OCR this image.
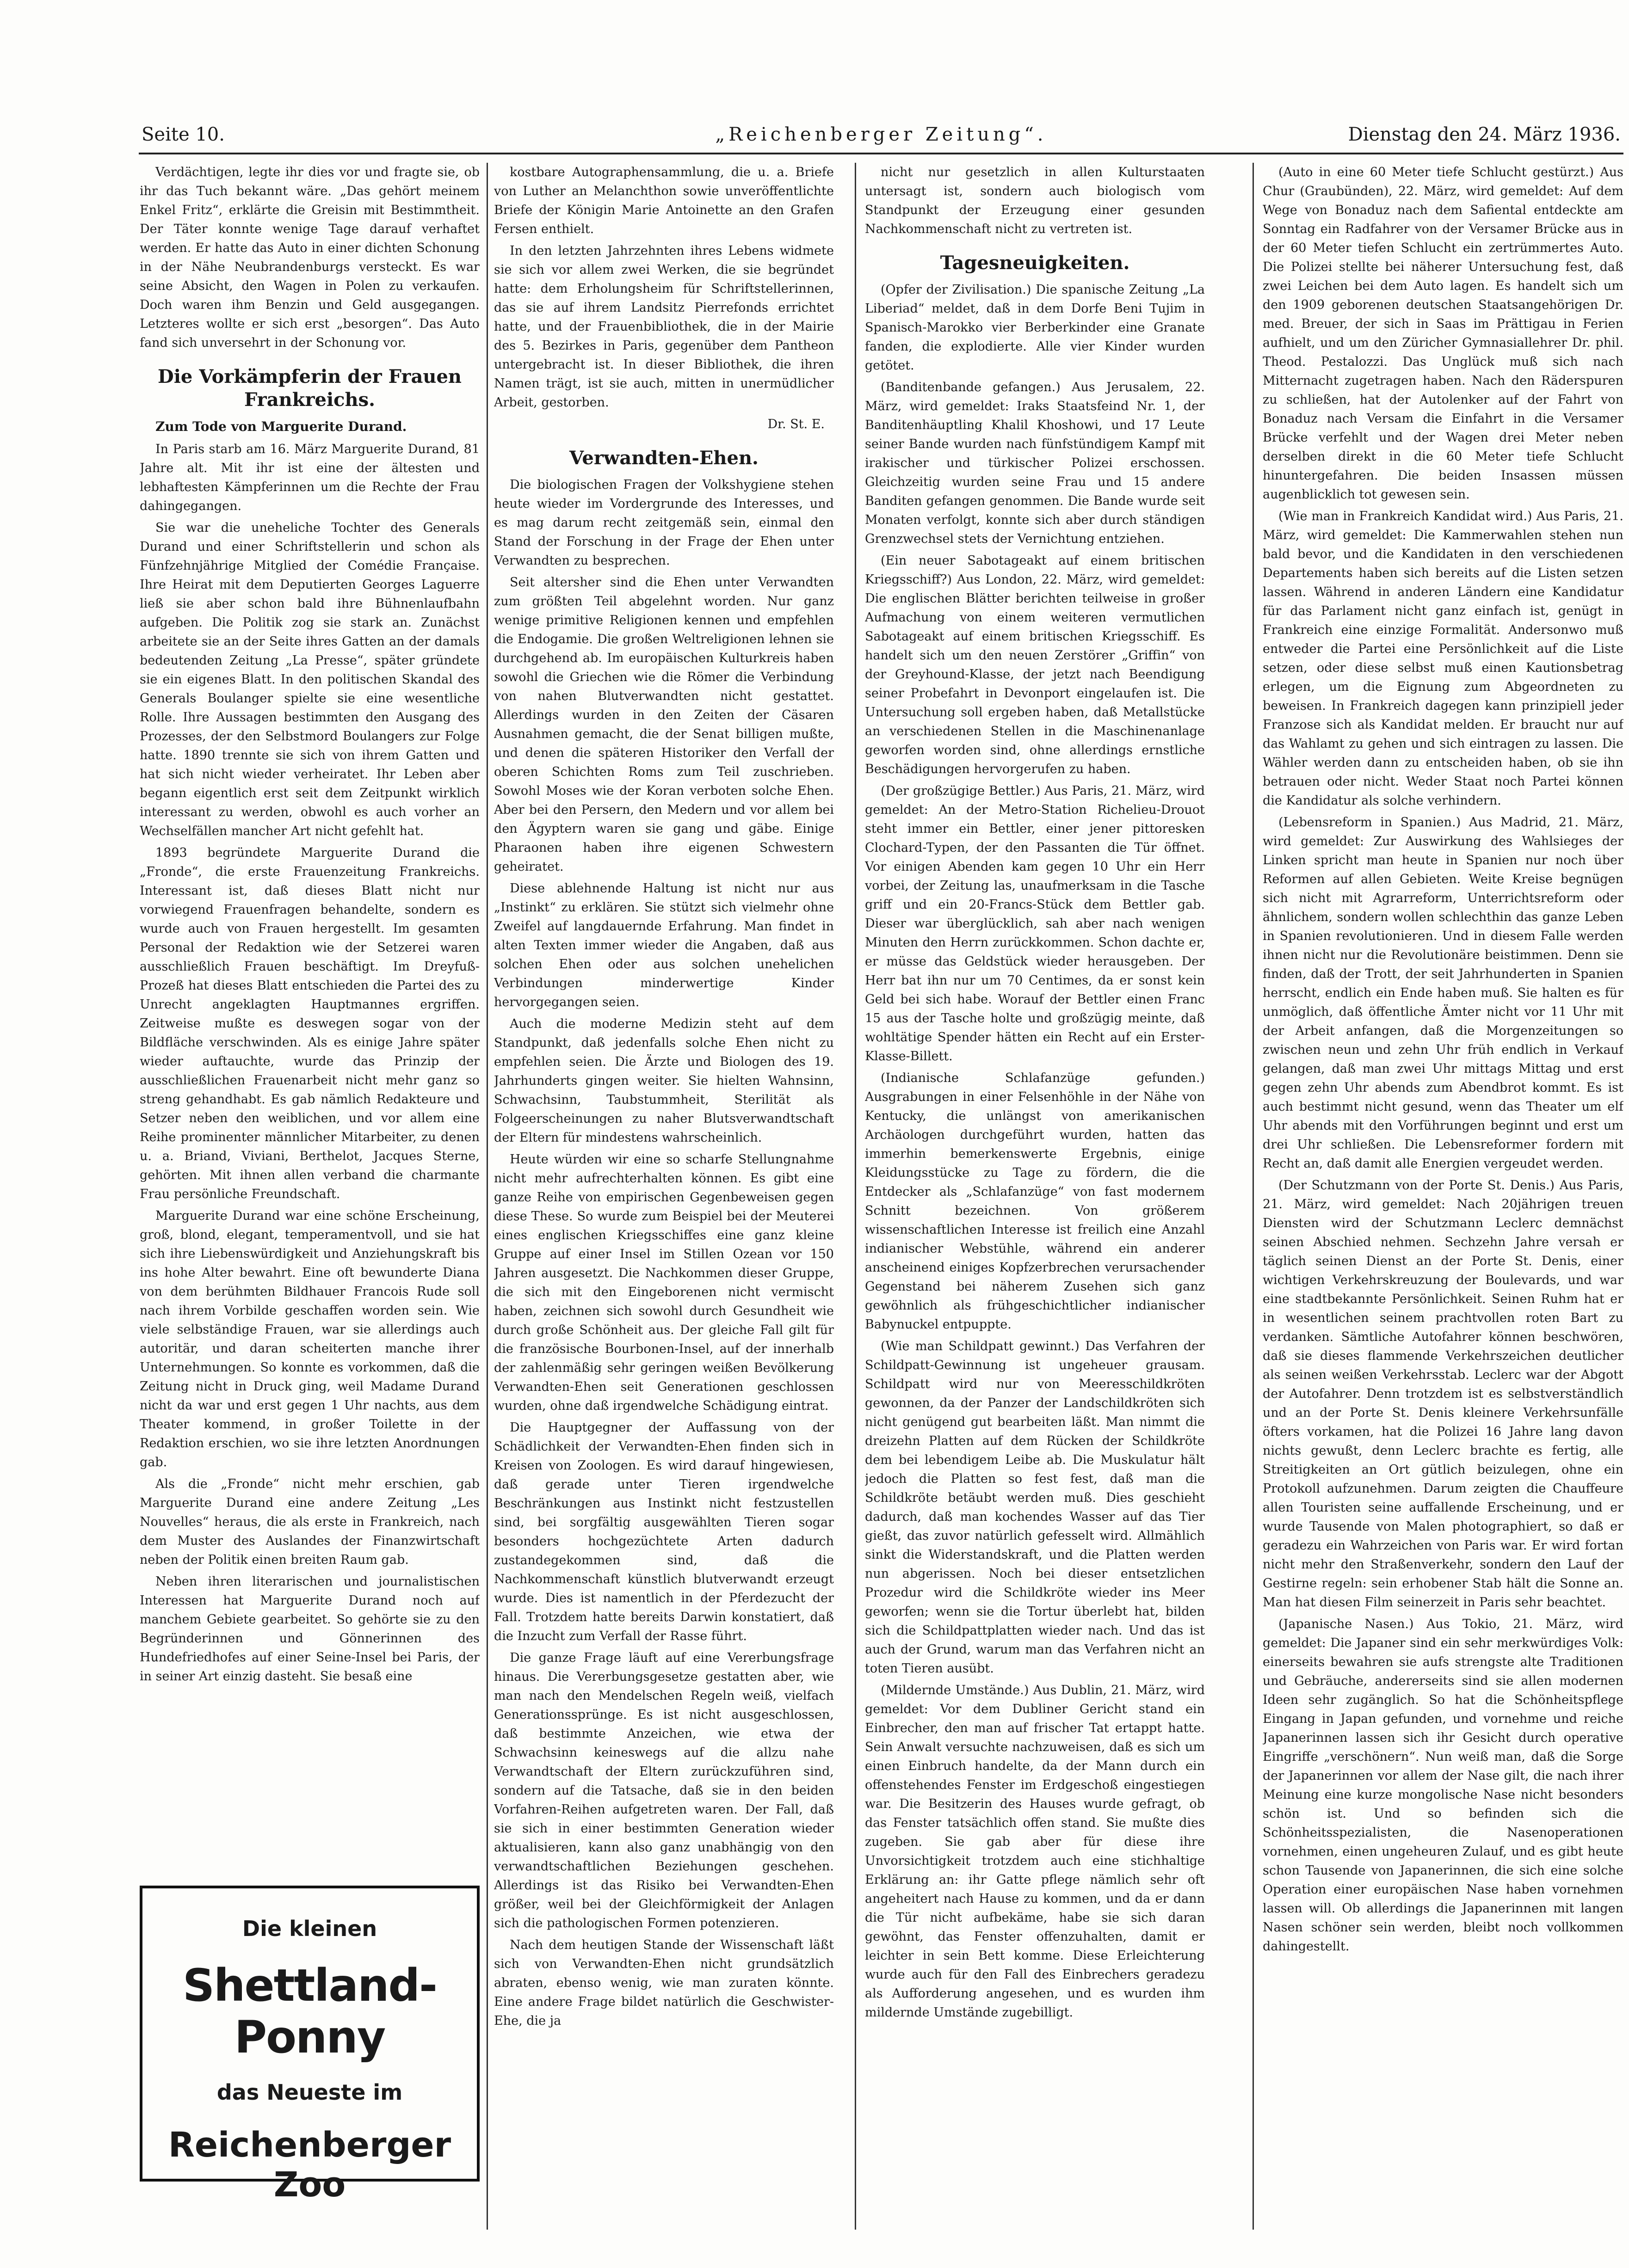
Seite 10.	„Reichenberger Zeitung“.	Dienstag den 24. März 1936.

Verdächtigen, legte ihr dies vor und fragte sie, ob ihr das Tuch bekannt wäre. „Das gehört meinem Enkel Fritz“, erklärte die Greisin mit Bestimmtheit. Der Täter konnte wenige Tage darauf verhaftet werden. Er hatte das Auto in einer dichten Schonung in der Nähe Neubrandenburgs versteckt. Es war seine Absicht, den Wagen in Polen zu verkaufen. Doch waren ihm Benzin und Geld ausgegangen. Letzteres wollte er sich erst „besorgen“. Das Auto fand sich unversehrt in der Schonung vor.

Die Vorkämpferin der Frauen Frankreichs.
Zum Tode von Marguerite Durand.

In Paris starb am 16. März Marguerite Durand, 81 Jahre alt. Mit ihr ist eine der ältesten und lebhaftesten Kämpferinnen um die Rechte der Frau dahingegangen.

Sie war die uneheliche Tochter des Generals Durand und einer Schriftstellerin und schon als Fünfzehnjährige Mitglied der Comédie Française. Ihre Heirat mit dem Deputierten Georges Laguerre ließ sie aber schon bald ihre Bühnenlaufbahn aufgeben. Die Politik zog sie stark an. Zunächst arbeitete sie an der Seite ihres Gatten an der damals bedeutenden Zeitung „La Presse“, später gründete sie ein eigenes Blatt. In den politischen Skandal des Generals Boulanger spielte sie eine wesentliche Rolle. Ihre Aussagen bestimmten den Ausgang des Prozesses, der den Selbstmord Boulangers zur Folge hatte. 1890 trennte sie sich von ihrem Gatten und hat sich nicht wieder verheiratet. Ihr Leben aber begann eigentlich erst seit dem Zeitpunkt wirklich interessant zu werden, obwohl es auch vorher an Wechselfällen mancher Art nicht gefehlt hat.

1893 begründete Marguerite Durand die „Fronde“, die erste Frauenzeitung Frankreichs. Interessant ist, daß dieses Blatt nicht nur vorwiegend Frauenfragen behandelte, sondern es wurde auch von Frauen hergestellt. Im gesamten Personal der Redaktion wie der Setzerei waren ausschließlich Frauen beschäftigt. Im Dreyfuß-Prozeß hat dieses Blatt entschieden die Partei des zu Unrecht angeklagten Hauptmannes ergriffen. Zeitweise mußte es deswegen sogar von der Bildfläche verschwinden. Als es einige Jahre später wieder auftauchte, wurde das Prinzip der ausschließlichen Frauenarbeit nicht mehr ganz so streng gehandhabt. Es gab nämlich Redakteure und Setzer neben den weiblichen, und vor allem eine Reihe prominenter männlicher Mitarbeiter, zu denen u. a. Briand, Viviani, Berthelot, Jacques Sterne, gehörten. Mit ihnen allen verband die charmante Frau persönliche Freundschaft.

Marguerite Durand war eine schöne Erscheinung, groß, blond, elegant, temperamentvoll, und sie hat sich ihre Liebenswürdigkeit und Anziehungskraft bis ins hohe Alter bewahrt. Eine oft bewunderte Diana von dem berühmten Bildhauer Francois Rude soll nach ihrem Vorbilde geschaffen worden sein. Wie viele selbständige Frauen, war sie allerdings auch autoritär, und daran scheiterten manche ihrer Unternehmungen. So konnte es vorkommen, daß die Zeitung nicht in Druck ging, weil Madame Durand nicht da war und erst gegen 1 Uhr nachts, aus dem Theater kommend, in großer Toilette in der Redaktion erschien, wo sie ihre letzten Anordnungen gab.

Als die „Fronde“ nicht mehr erschien, gab Marguerite Durand eine andere Zeitung „Les Nouvelles“ heraus, die als erste in Frankreich, nach dem Muster des Auslandes der Finanzwirtschaft neben der Politik einen breiten Raum gab.

Neben ihren literarischen und journalistischen Interessen hat Marguerite Durand noch auf manchem Gebiete gearbeitet. So gehörte sie zu den Begründerinnen und Gönnerinnen des Hundefriedhofes auf einer Seine-Insel bei Paris, der in seiner Art einzig dasteht. Sie besaß eine

Die kleinen
Shettland-Ponny
das Neueste im
Reichenberger Zoo

kostbare Autographensammlung, die u. a. Briefe von Luther an Melanchthon sowie unveröffentlichte Briefe der Königin Marie Antoinette an den Grafen Fersen enthielt.

In den letzten Jahrzehnten ihres Lebens widmete sie sich vor allem zwei Werken, die sie begründet hatte: dem Erholungsheim für Schriftstellerinnen, das sie auf ihrem Landsitz Pierrefonds errichtet hatte, und der Frauenbibliothek, die in der Mairie des 5. Bezirkes in Paris, gegenüber dem Pantheon untergebracht ist. In dieser Bibliothek, die ihren Namen trägt, ist sie auch, mitten in unermüdlicher Arbeit, gestorben.

Dr. St. E.
Verwandten-Ehen.

Die biologischen Fragen der Volkshygiene stehen heute wieder im Vordergrunde des Interesses, und es mag darum recht zeitgemäß sein, einmal den Stand der Forschung in der Frage der Ehen unter Verwandten zu besprechen.

Seit altersher sind die Ehen unter Verwandten zum größten Teil abgelehnt worden. Nur ganz wenige primitive Religionen kennen und empfehlen die Endogamie. Die großen Weltreligionen lehnen sie durchgehend ab. Im europäischen Kulturkreis haben sowohl die Griechen wie die Römer die Verbindung von nahen Blutverwandten nicht gestattet. Allerdings wurden in den Zeiten der Cäsaren Ausnahmen gemacht, die der Senat billigen mußte, und denen die späteren Historiker den Verfall der oberen Schichten Roms zum Teil zuschrieben. Sowohl Moses wie der Koran verboten solche Ehen. Aber bei den Persern, den Medern und vor allem bei den Ägyptern waren sie gang und gäbe. Einige Pharaonen haben ihre eigenen Schwestern geheiratet.

Diese ablehnende Haltung ist nicht nur aus „Instinkt“ zu erklären. Sie stützt sich vielmehr ohne Zweifel auf langdauernde Erfahrung. Man findet in alten Texten immer wieder die Angaben, daß aus solchen Ehen oder aus solchen unehelichen Verbindungen minderwertige Kinder hervorgegangen seien.

Auch die moderne Medizin steht auf dem Standpunkt, daß jedenfalls solche Ehen nicht zu empfehlen seien. Die Ärzte und Biologen des 19. Jahrhunderts gingen weiter. Sie hielten Wahnsinn, Schwachsinn, Taubstummheit, Sterilität als Folgeerscheinungen zu naher Blutsverwandtschaft der Eltern für mindestens wahrscheinlich.

Heute würden wir eine so scharfe Stellungnahme nicht mehr aufrechterhalten können. Es gibt eine ganze Reihe von empirischen Gegenbeweisen gegen diese These. So wurde zum Beispiel bei der Meuterei eines englischen Kriegsschiffes eine ganz kleine Gruppe auf einer Insel im Stillen Ozean vor 150 Jahren ausgesetzt. Die Nachkommen dieser Gruppe, die sich mit den Eingeborenen nicht vermischt haben, zeichnen sich sowohl durch Gesundheit wie durch große Schönheit aus. Der gleiche Fall gilt für die französische Bourbonen-Insel, auf der innerhalb der zahlenmäßig sehr geringen weißen Bevölkerung Verwandten-Ehen seit Generationen geschlossen wurden, ohne daß irgendwelche Schädigung eintrat.

Die Hauptgegner der Auffassung von der Schädlichkeit der Verwandten-Ehen finden sich in Kreisen von Zoologen. Es wird darauf hingewiesen, daß gerade unter Tieren irgendwelche Beschränkungen aus Instinkt nicht festzustellen sind, bei sorgfältig ausgewählten Tieren sogar besonders hochgezüchtete Arten dadurch zustandegekommen sind, daß die Nachkommenschaft künstlich blutverwandt erzeugt wurde. Dies ist namentlich in der Pferdezucht der Fall. Trotzdem hatte bereits Darwin konstatiert, daß die Inzucht zum Verfall der Rasse führt.

Die ganze Frage läuft auf eine Vererbungsfrage hinaus. Die Vererbungsgesetze gestatten aber, wie man nach den Mendelschen Regeln weiß, vielfach Generationssprünge. Es ist nicht ausgeschlossen, daß bestimmte Anzeichen, wie etwa der Schwachsinn keineswegs auf die allzu nahe Verwandtschaft der Eltern zurückzuführen sind, sondern auf die Tatsache, daß sie in den beiden Vorfahren-Reihen aufgetreten waren. Der Fall, daß sie sich in einer bestimmten Generation wieder aktualisieren, kann also ganz unabhängig von den verwandtschaftlichen Beziehungen geschehen. Allerdings ist das Risiko bei Verwandten-Ehen größer, weil bei der Gleichförmigkeit der Anlagen sich die pathologischen Formen potenzieren.

Nach dem heutigen Stande der Wissenschaft läßt sich von Verwandten-Ehen nicht grundsätzlich abraten, ebenso wenig, wie man zuraten könnte. Eine andere Frage bildet natürlich die Geschwister-Ehe, die ja

nicht nur gesetzlich in allen Kulturstaaten untersagt ist, sondern auch biologisch vom Standpunkt der Erzeugung einer gesunden Nachkommenschaft nicht zu vertreten ist.

Tagesneuigkeiten.

(Opfer der Zivilisation.) Die spanische Zeitung „La Liberiad“ meldet, daß in dem Dorfe Beni Tujim in Spanisch-Marokko vier Berberkinder eine Granate fanden, die explodierte. Alle vier Kinder wurden getötet.

(Banditenbande gefangen.) Aus Jerusalem, 22. März, wird gemeldet: Iraks Staatsfeind Nr. 1, der Banditenhäuptling Khalil Khoshowi, und 17 Leute seiner Bande wurden nach fünfstündigem Kampf mit irakischer und türkischer Polizei erschossen. Gleichzeitig wurden seine Frau und 15 andere Banditen gefangen genommen. Die Bande wurde seit Monaten verfolgt, konnte sich aber durch ständigen Grenzwechsel stets der Vernichtung entziehen.

(Ein neuer Sabotageakt auf einem britischen Kriegsschiff?) Aus London, 22. März, wird gemeldet: Die englischen Blätter berichten teilweise in großer Aufmachung von einem weiteren vermutlichen Sabotageakt auf einem britischen Kriegsschiff. Es handelt sich um den neuen Zerstörer „Griffin“ von der Greyhound-Klasse, der jetzt nach Beendigung seiner Probefahrt in Devonport eingelaufen ist. Die Untersuchung soll ergeben haben, daß Metallstücke an verschiedenen Stellen in die Maschinenanlage geworfen worden sind, ohne allerdings ernstliche Beschädigungen hervorgerufen zu haben.

(Der großzügige Bettler.) Aus Paris, 21. März, wird gemeldet: An der Metro-Station Richelieu-Drouot steht immer ein Bettler, einer jener pittoresken Clochard-Typen, der den Passanten die Tür öffnet. Vor einigen Abenden kam gegen 10 Uhr ein Herr vorbei, der Zeitung las, unaufmerksam in die Tasche griff und ein 20-Francs-Stück dem Bettler gab. Dieser war überglücklich, sah aber nach wenigen Minuten den Herrn zurückkommen. Schon dachte er, er müsse das Geldstück wieder herausgeben. Der Herr bat ihn nur um 70 Centimes, da er sonst kein Geld bei sich habe. Worauf der Bettler einen Franc 15 aus der Tasche holte und großzügig meinte, daß wohltätige Spender hätten ein Recht auf ein Erster-Klasse-Billett.

(Indianische Schlafanzüge gefunden.) Ausgrabungen in einer Felsenhöhle in der Nähe von Kentucky, die unlängst von amerikanischen Archäologen durchgeführt wurden, hatten das immerhin bemerkenswerte Ergebnis, einige Kleidungsstücke zu Tage zu fördern, die die Entdecker als „Schlafanzüge“ von fast modernem Schnitt bezeichnen. Von größerem wissenschaftlichen Interesse ist freilich eine Anzahl indianischer Webstühle, während ein anderer anscheinend einiges Kopfzerbrechen verursachender Gegenstand bei näherem Zusehen sich ganz gewöhnlich als frühgeschichtlicher indianischer Babynuckel entpuppte.

(Wie man Schildpatt gewinnt.) Das Verfahren der Schildpatt-Gewinnung ist ungeheuer grausam. Schildpatt wird nur von Meeresschildkröten gewonnen, da der Panzer der Landschildkröten sich nicht genügend gut bearbeiten läßt. Man nimmt die dreizehn Platten auf dem Rücken der Schildkröte dem bei lebendigem Leibe ab. Die Muskulatur hält jedoch die Platten so fest fest, daß man die Schildkröte betäubt werden muß. Dies geschieht dadurch, daß man kochendes Wasser auf das Tier gießt, das zuvor natürlich gefesselt wird. Allmählich sinkt die Widerstandskraft, und die Platten werden nun abgerissen. Noch bei dieser entsetzlichen Prozedur wird die Schildkröte wieder ins Meer geworfen; wenn sie die Tortur überlebt hat, bilden sich die Schildpattplatten wieder nach. Und das ist auch der Grund, warum man das Verfahren nicht an toten Tieren ausübt.

(Mildernde Umstände.) Aus Dublin, 21. März, wird gemeldet: Vor dem Dubliner Gericht stand ein Einbrecher, den man auf frischer Tat ertappt hatte. Sein Anwalt versuchte nachzuweisen, daß es sich um einen Einbruch handelte, da der Mann durch ein offenstehendes Fenster im Erdgeschoß eingestiegen war. Die Besitzerin des Hauses wurde gefragt, ob das Fenster tatsächlich offen stand. Sie mußte dies zugeben. Sie gab aber für diese ihre Unvorsichtigkeit trotzdem auch eine stichhaltige Erklärung an: ihr Gatte pflege nämlich sehr oft angeheitert nach Hause zu kommen, und da er dann die Tür nicht aufbekäme, habe sie sich daran gewöhnt, das Fenster offenzuhalten, damit er leichter in sein Bett komme. Diese Erleichterung wurde auch für den Fall des Einbrechers geradezu als Aufforderung angesehen, und es wurden ihm mildernde Umstände zugebilligt.

(Auto in eine 60 Meter tiefe Schlucht gestürzt.) Aus Chur (Graubünden), 22. März, wird gemeldet: Auf dem Wege von Bonaduz nach dem Safiental entdeckte am Sonntag ein Radfahrer von der Versamer Brücke aus in der 60 Meter tiefen Schlucht ein zertrümmertes Auto. Die Polizei stellte bei näherer Untersuchung fest, daß zwei Leichen bei dem Auto lagen. Es handelt sich um den 1909 geborenen deutschen Staatsangehörigen Dr. med. Breuer, der sich in Saas im Prättigau in Ferien aufhielt, und um den Züricher Gymnasiallehrer Dr. phil. Theod. Pestalozzi. Das Unglück muß sich nach Mitternacht zugetragen haben. Nach den Räderspuren zu schließen, hat der Autolenker auf der Fahrt von Bonaduz nach Versam die Einfahrt in die Versamer Brücke verfehlt und der Wagen drei Meter neben derselben direkt in die 60 Meter tiefe Schlucht hinuntergefahren. Die beiden Insassen müssen augenblicklich tot gewesen sein.

(Wie man in Frankreich Kandidat wird.) Aus Paris, 21. März, wird gemeldet: Die Kammerwahlen stehen nun bald bevor, und die Kandidaten in den verschiedenen Departements haben sich bereits auf die Listen setzen lassen. Während in anderen Ländern eine Kandidatur für das Parlament nicht ganz einfach ist, genügt in Frankreich eine einzige Formalität. Andersonwo muß entweder die Partei eine Persönlichkeit auf die Liste setzen, oder diese selbst muß einen Kautionsbetrag erlegen, um die Eignung zum Abgeordneten zu beweisen. In Frankreich dagegen kann prinzipiell jeder Franzose sich als Kandidat melden. Er braucht nur auf das Wahlamt zu gehen und sich eintragen zu lassen. Die Wähler werden dann zu entscheiden haben, ob sie ihn betrauen oder nicht. Weder Staat noch Partei können die Kandidatur als solche verhindern.

(Lebensreform in Spanien.) Aus Madrid, 21. März, wird gemeldet: Zur Auswirkung des Wahlsieges der Linken spricht man heute in Spanien nur noch über Reformen auf allen Gebieten. Weite Kreise begnügen sich nicht mit Agrarreform, Unterrichtsreform oder ähnlichem, sondern wollen schlechthin das ganze Leben in Spanien revolutionieren. Und in diesem Falle werden ihnen nicht nur die Revolutionäre beistimmen. Denn sie finden, daß der Trott, der seit Jahrhunderten in Spanien herrscht, endlich ein Ende haben muß. Sie halten es für unmöglich, daß öffentliche Ämter nicht vor 11 Uhr mit der Arbeit anfangen, daß die Morgenzeitungen so zwischen neun und zehn Uhr früh endlich in Verkauf gelangen, daß man zwei Uhr mittags Mittag und erst gegen zehn Uhr abends zum Abendbrot kommt. Es ist auch bestimmt nicht gesund, wenn das Theater um elf Uhr abends mit den Vorführungen beginnt und erst um drei Uhr schließen. Die Lebensreformer fordern mit Recht an, daß damit alle Energien vergeudet werden.

(Der Schutzmann von der Porte St. Denis.) Aus Paris, 21. März, wird gemeldet: Nach 20jährigen treuen Diensten wird der Schutzmann Leclerc demnächst seinen Abschied nehmen. Sechzehn Jahre versah er täglich seinen Dienst an der Porte St. Denis, einer wichtigen Verkehrskreuzung der Boulevards, und war eine stadtbekannte Persönlichkeit. Seinen Ruhm hat er in wesentlichen seinem prachtvollen roten Bart zu verdanken. Sämtliche Autofahrer können beschwören, daß sie dieses flammende Verkehrszeichen deutlicher als seinen weißen Verkehrsstab. Leclerc war der Abgott der Autofahrer. Denn trotzdem ist es selbstverständlich und an der Porte St. Denis kleinere Verkehrsunfälle öfters vorkamen, hat die Polizei 16 Jahre lang davon nichts gewußt, denn Leclerc brachte es fertig, alle Streitigkeiten an Ort gütlich beizulegen, ohne ein Protokoll aufzunehmen. Darum zeigten die Chauffeure allen Touristen seine auffallende Erscheinung, und er wurde Tausende von Malen photographiert, so daß er geradezu ein Wahrzeichen von Paris war. Er wird fortan nicht mehr den Straßenverkehr, sondern den Lauf der Gestirne regeln: sein erhobener Stab hält die Sonne an. Man hat diesen Film seinerzeit in Paris sehr beachtet.

(Japanische Nasen.) Aus Tokio, 21. März, wird gemeldet: Die Japaner sind ein sehr merkwürdiges Volk: einerseits bewahren sie aufs strengste alte Traditionen und Gebräuche, andererseits sind sie allen modernen Ideen sehr zugänglich. So hat die Schönheitspflege Eingang in Japan gefunden, und vornehme und reiche Japanerinnen lassen sich ihr Gesicht durch operative Eingriffe „verschönern“. Nun weiß man, daß die Sorge der Japanerinnen vor allem der Nase gilt, die nach ihrer Meinung eine kurze mongolische Nase nicht besonders schön ist. Und so befinden sich die Schönheitsspezialisten, die Nasenoperationen vornehmen, einen ungeheuren Zulauf, und es gibt heute schon Tausende von Japanerinnen, die sich eine solche Operation einer europäischen Nase haben vornehmen lassen will. Ob allerdings die Japanerinnen mit langen Nasen schöner sein werden, bleibt noch vollkommen dahingestellt.
